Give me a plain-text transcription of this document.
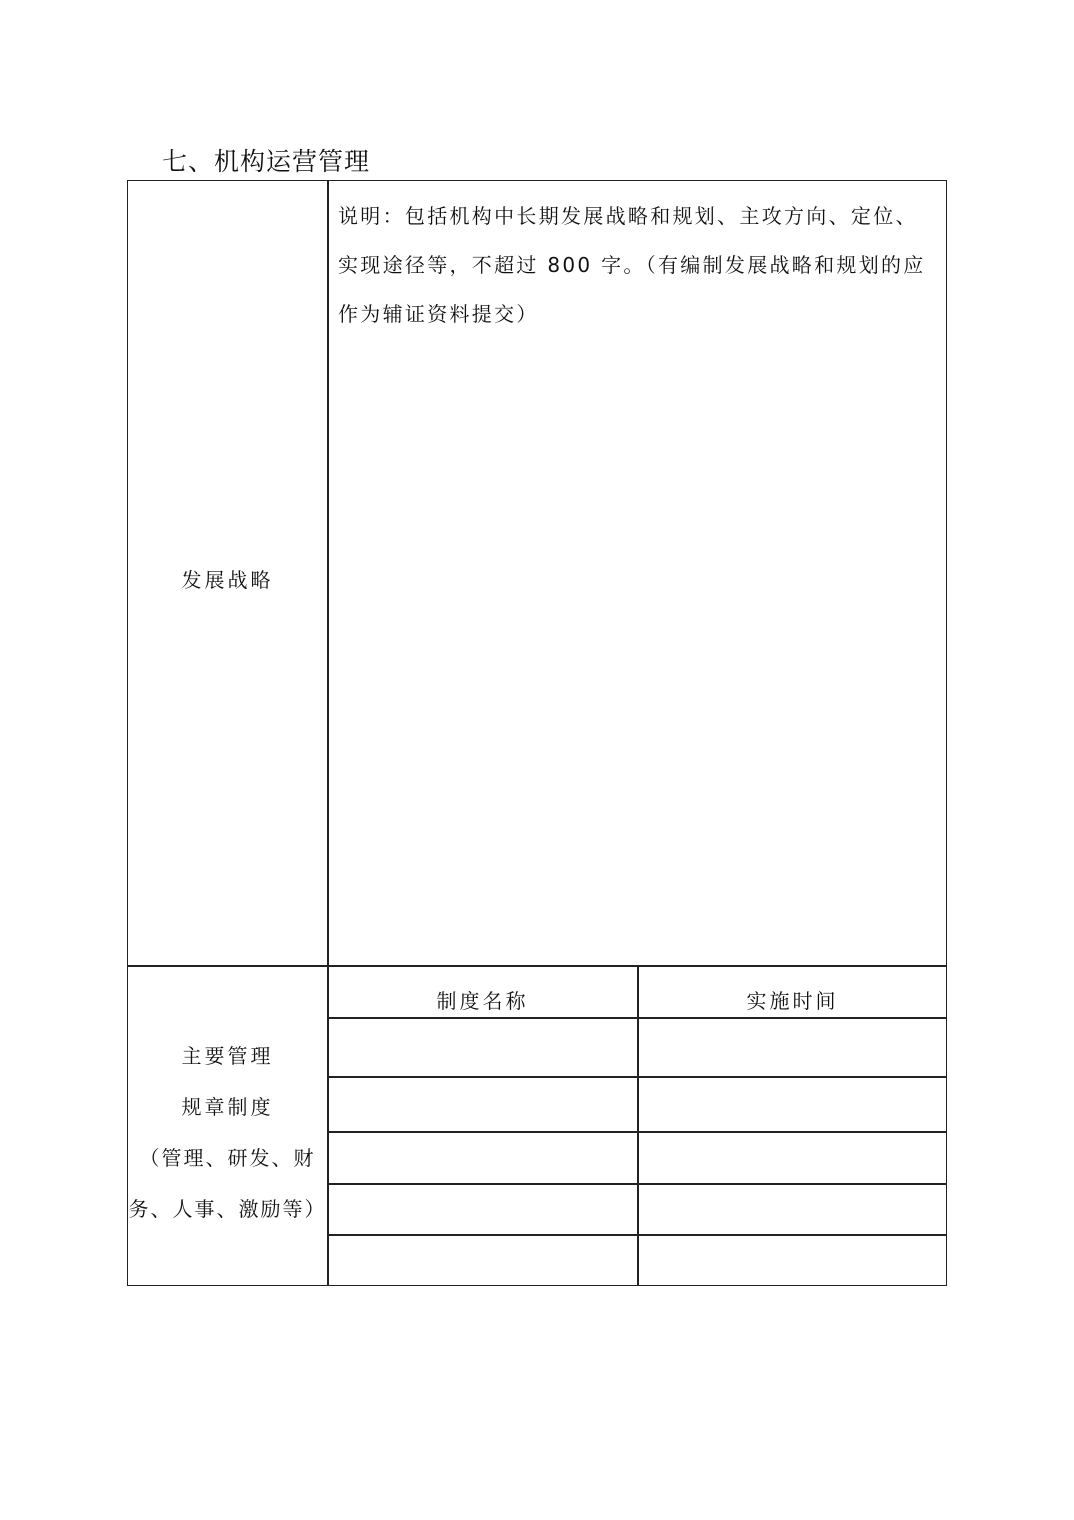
七、机构运营管理
发展战略

说明：包括机构中长期发展战略和规划、主攻方向、定位、实现途径等，不超过 800 字。（有编制发展战略和规划的应作为辅证资料提交）

主要管理
规章制度
（管理、研发、财
务、人事、激励等）
制度名称	实施时间
